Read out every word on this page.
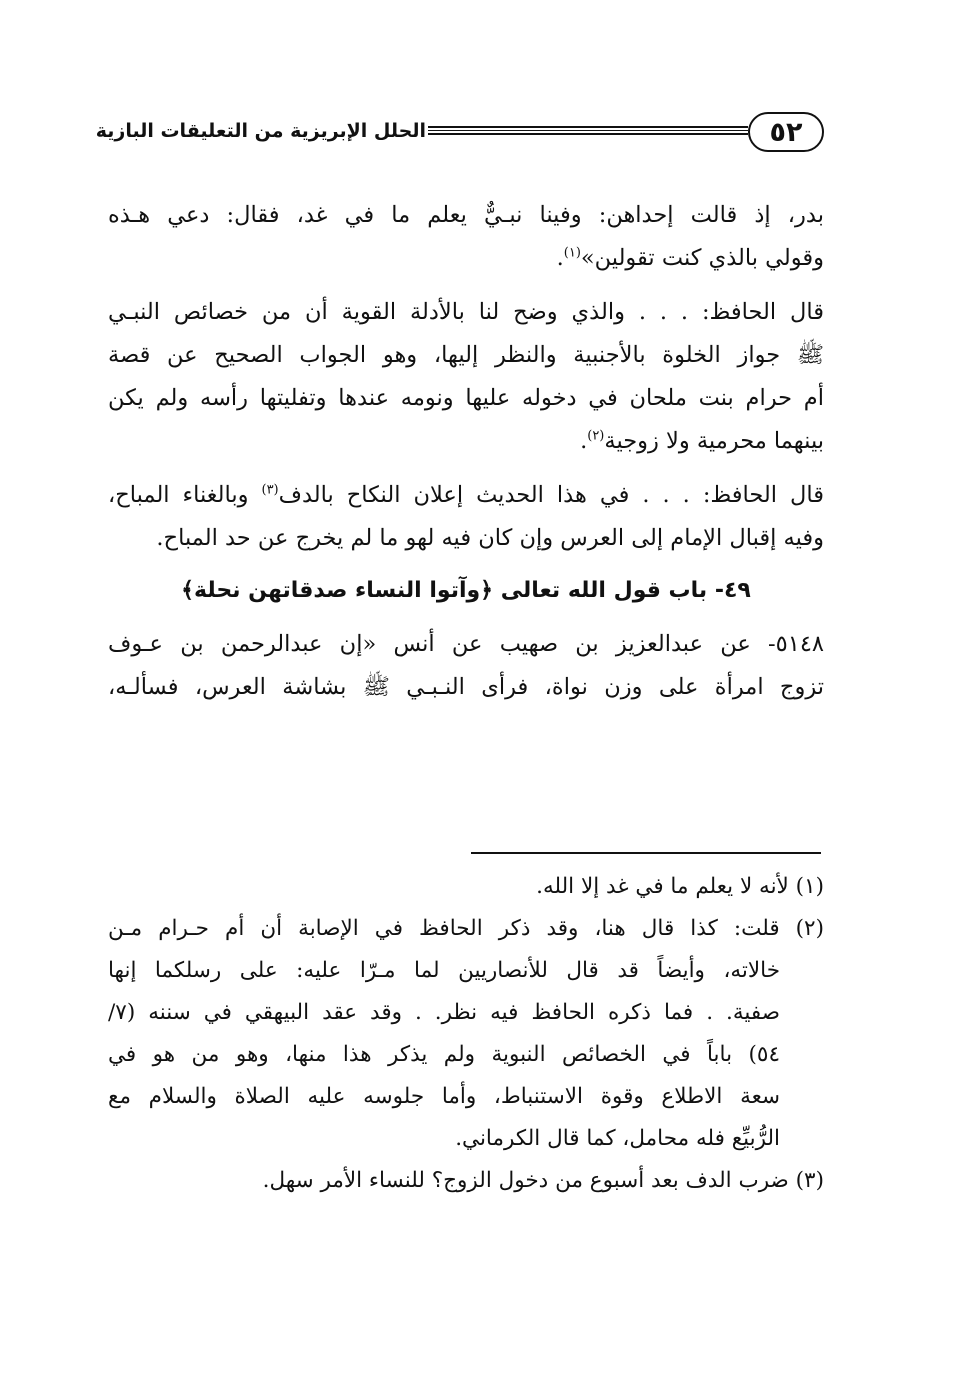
٥٢
الحلل الإبريزية من التعليقات البازية

بدر، إذ قالت إحداهن: وفينا نبـيٌّ يعلم ما في غد، فقال: دعي هـذه
وقولي بالذي كنت تقولين»$^{(١)}$.

قال الحافظ: . . . والذي وضح لنا بالأدلة القوية أن من خصائص النبـي
ﷺ جواز الخلوة بالأجنبية والنظر إليها، وهو الجواب الصحيح عن قصة
أم حرام بنت ملحان في دخوله عليها ونومه عندها وتفليتها رأسه ولم يكن
بينهما محرمية ولا زوجية$^{(٢)}$.

قال الحافظ: . . . في هذا الحديث إعلان النكاح بالدف$^{(٣)}$ وبالغناء المباح،
وفيه إقبال الإمام إلى العرس وإن كان فيه لهو ما لم يخرج عن حد المباح.

٤٩- باب قول الله تعالى ﴿وآتوا النساء صدقاتهن نحلة﴾

٥١٤٨- عن عبدالعزيز بن صهيب عن أنس «إن عبدالرحمن بن عـوف
تزوج امرأة على وزن نواة، فرأى النـبـي ﷺ بشاشة العرس، فسألـه،

(١) لأنه لا يعلم ما في غد إلا الله.

(٢) قلت: كذا قال هنا، وقد ذكر الحافظ في الإصابة أن أم حـرام مـن
خالاته، وأيضاً قد قال للأنصاريين لما مـرّا عليه: على رسلكما إنها
صفية. . فما ذكره الحافظ فيه نظر. . وقد عقد البيهقي في سننه (٧/
٥٤) باباً في الخصائص النبوية ولم يذكر هذا منها، وهو من هو في
سعة الاطلاع وقوة الاستنباط، وأما جلوسه عليه الصلاة والسلام مع
الرُّبيِّع فله محامل، كما قال الكرماني.

(٣) ضرب الدف بعد أسبوع من دخول الزوج؟ للنساء الأمر سهل.
